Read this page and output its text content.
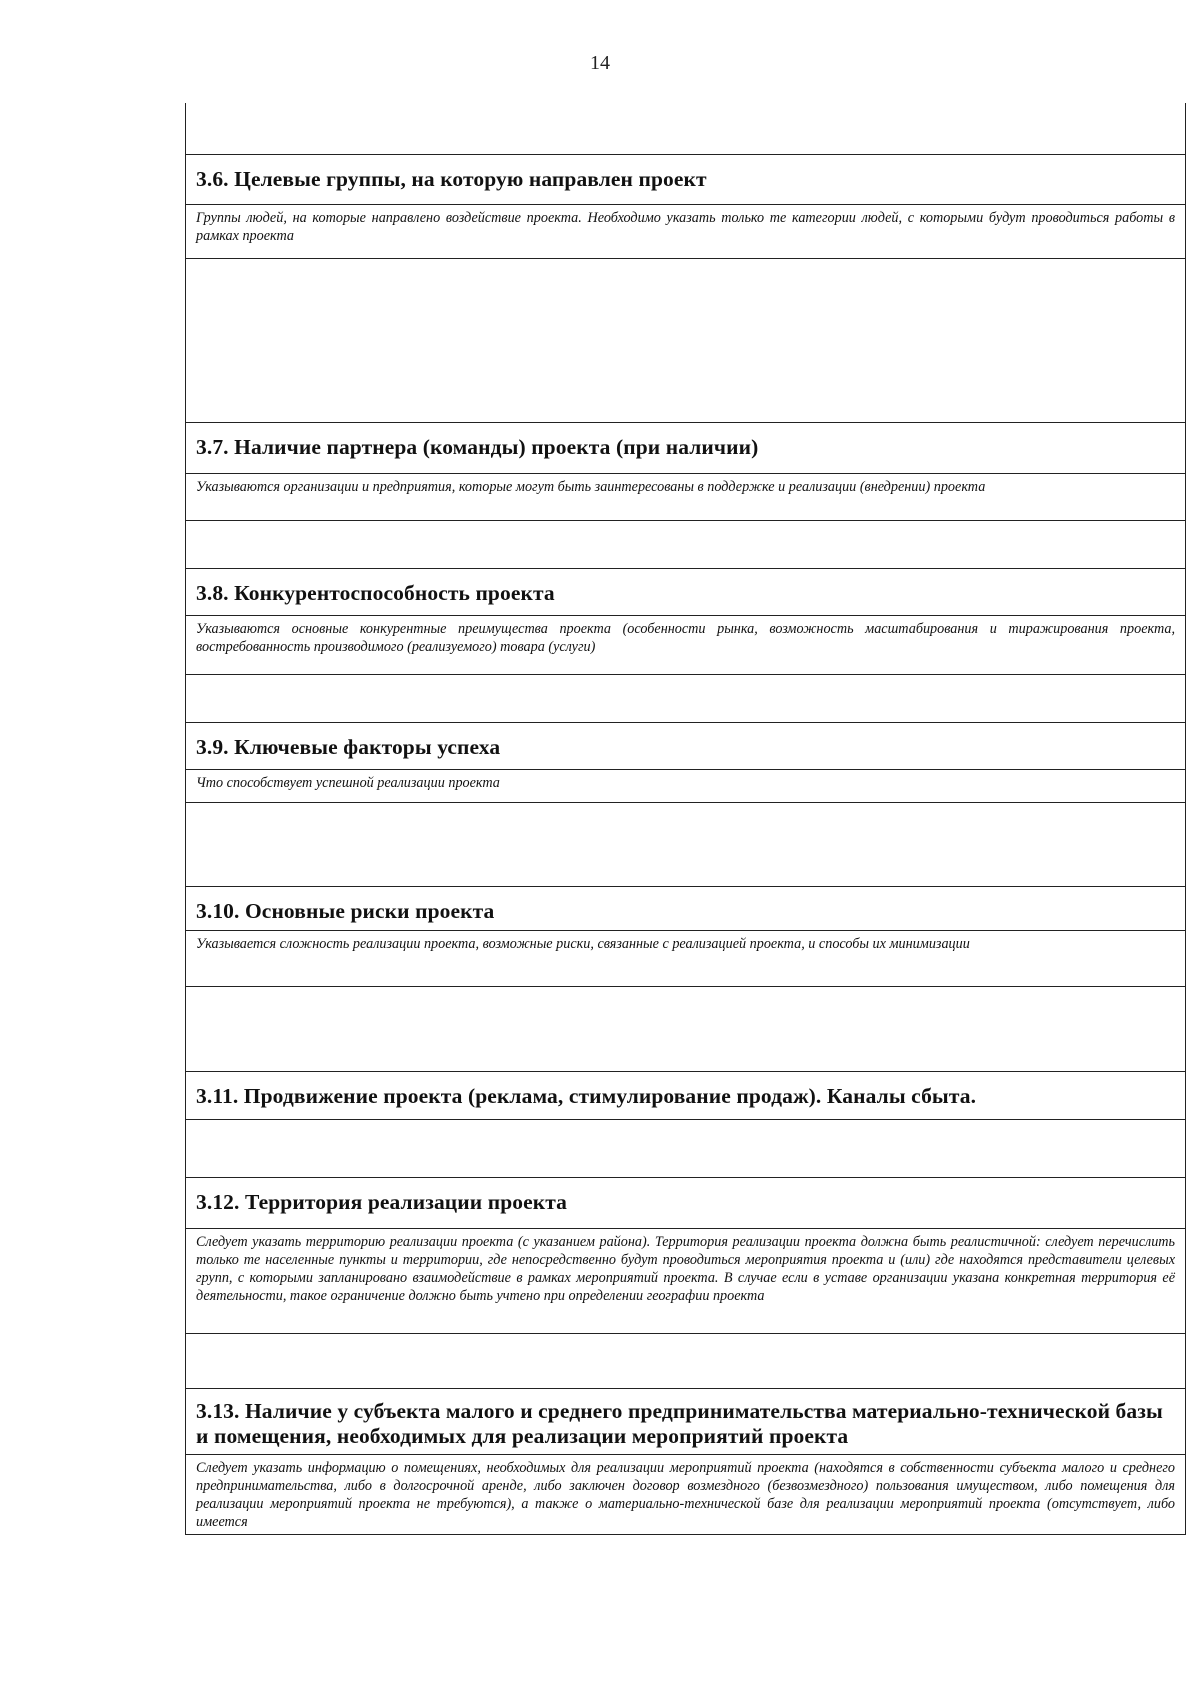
14
3.6. Целевые группы, на которую направлен проект
Группы людей, на которые направлено воздействие проекта. Необходимо указать только те категории людей, с которыми будут проводиться работы в рамках проекта
3.7. Наличие партнера (команды) проекта (при наличии)
Указываются организации и предприятия, которые могут быть заинтересованы в поддержке и реализации (внедрении) проекта
3.8. Конкурентоспособность проекта
Указываются основные конкурентные преимущества проекта (особенности рынка, возможность масштабирования и тиражирования проекта, востребованность производимого (реализуемого) товара (услуги)
3.9. Ключевые факторы успеха
Что способствует успешной реализации проекта
3.10. Основные риски проекта
Указывается сложность реализации проекта, возможные риски, связанные с реализацией проекта, и способы их минимизации
3.11. Продвижение проекта (реклама, стимулирование продаж). Каналы сбыта.
3.12. Территория реализации проекта
Следует указать территорию реализации проекта (с указанием района). Территория реализации проекта должна быть реалистичной: следует перечислить только те населенные пункты и территории, где непосредственно будут проводиться мероприятия проекта и (или) где находятся представители целевых групп, с которыми запланировано взаимодействие в рамках мероприятий проекта. В случае если в уставе организации указана конкретная территория её деятельности, такое ограничение должно быть учтено при определении географии проекта
3.13. Наличие у субъекта малого и среднего предпринимательства материально-технической базы и помещения, необходимых для реализации мероприятий проекта
Следует указать информацию о помещениях, необходимых для реализации мероприятий проекта (находятся в собственности субъекта малого и среднего предпринимательства, либо в долгосрочной аренде, либо заключен договор возмездного (безвозмездного) пользования имуществом, либо помещения для реализации мероприятий проекта не требуются), а также о материально-технической базе для реализации мероприятий проекта (отсутствует, либо имеется
